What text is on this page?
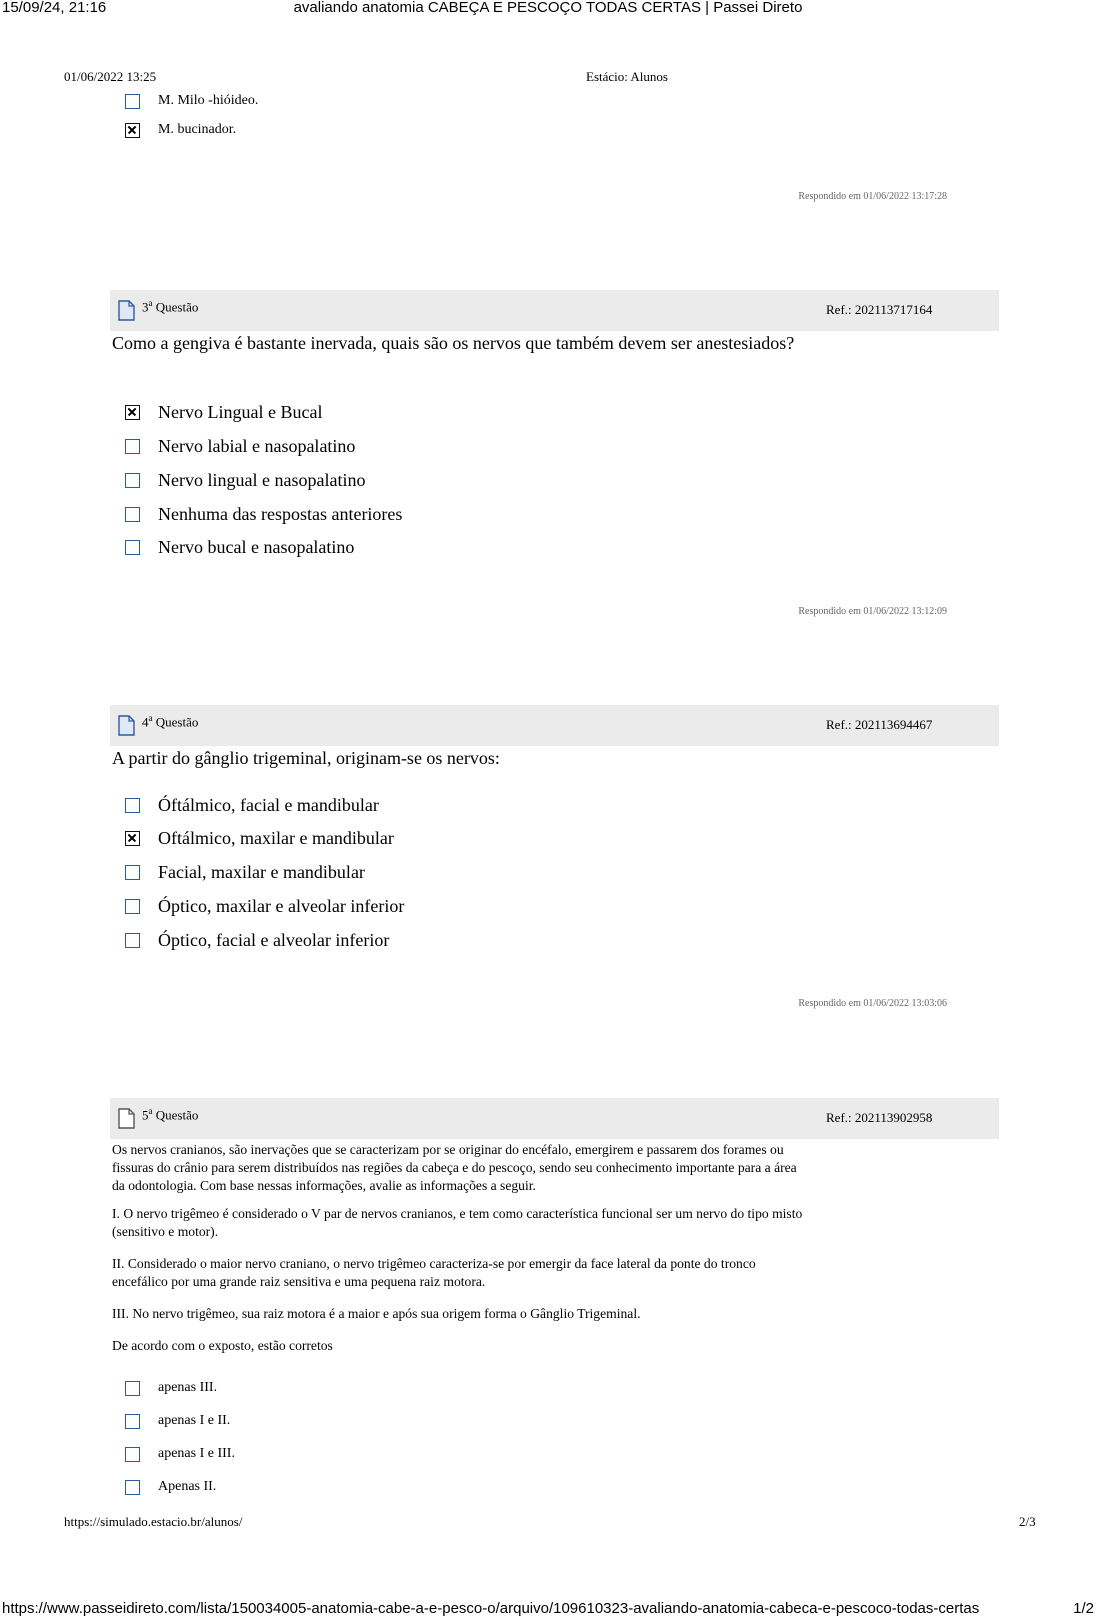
15/09/24, 21:16	avaliando anatomia CABEÇA E PESCOÇO TODAS CERTAS | Passei Direto
01/06/2022 13:25	Estácio: Alunos
M. Milo -hióideo.
M. bucinador.
Respondido em 01/06/2022 13:17:28
3$^a$ Questão	Ref.: 202113717164
Como a gengiva é bastante inervada, quais são os nervos que também devem ser anestesiados?
Nervo Lingual e Bucal
Nervo labial e nasopalatino
Nervo lingual e nasopalatino
Nenhuma das respostas anteriores
Nervo bucal e nasopalatino
Respondido em 01/06/2022 13:12:09
4$^a$ Questão	Ref.: 202113694467
A partir do gânglio trigeminal, originam-se os nervos:
Óftálmico, facial e mandibular
Oftálmico, maxilar e mandibular
Facial, maxilar e mandibular
Óptico, maxilar e alveolar inferior
Óptico, facial e alveolar inferior
Respondido em 01/06/2022 13:03:06
5$^a$ Questão	Ref.: 202113902958
Os nervos cranianos, são inervações que se caracterizam por se originar do encéfalo, emergirem e passarem dos forames ou fissuras do crânio para serem distribuídos nas regiões da cabeça e do pescoço, sendo seu conhecimento importante para a área da odontologia. Com base nessas informações, avalie as informações a seguir.
I. O nervo trigêmeo é considerado o V par de nervos cranianos, e tem como característica funcional ser um nervo do tipo misto (sensitivo e motor).
II. Considerado o maior nervo craniano, o nervo trigêmeo caracteriza-se por emergir da face lateral da ponte do tronco encefálico por uma grande raiz sensitiva e uma pequena raiz motora.
III. No nervo trigêmeo, sua raiz motora é a maior e após sua origem forma o Gânglio Trigeminal.
De acordo com o exposto, estão corretos
apenas III.
apenas I e II.
apenas I e III.
Apenas II.
https://simulado.estacio.br/alunos/	2/3
https://www.passeidireto.com/lista/150034005-anatomia-cabe-a-e-pesco-o/arquivo/109610323-avaliando-anatomia-cabeca-e-pescoco-todas-certas	1/2
